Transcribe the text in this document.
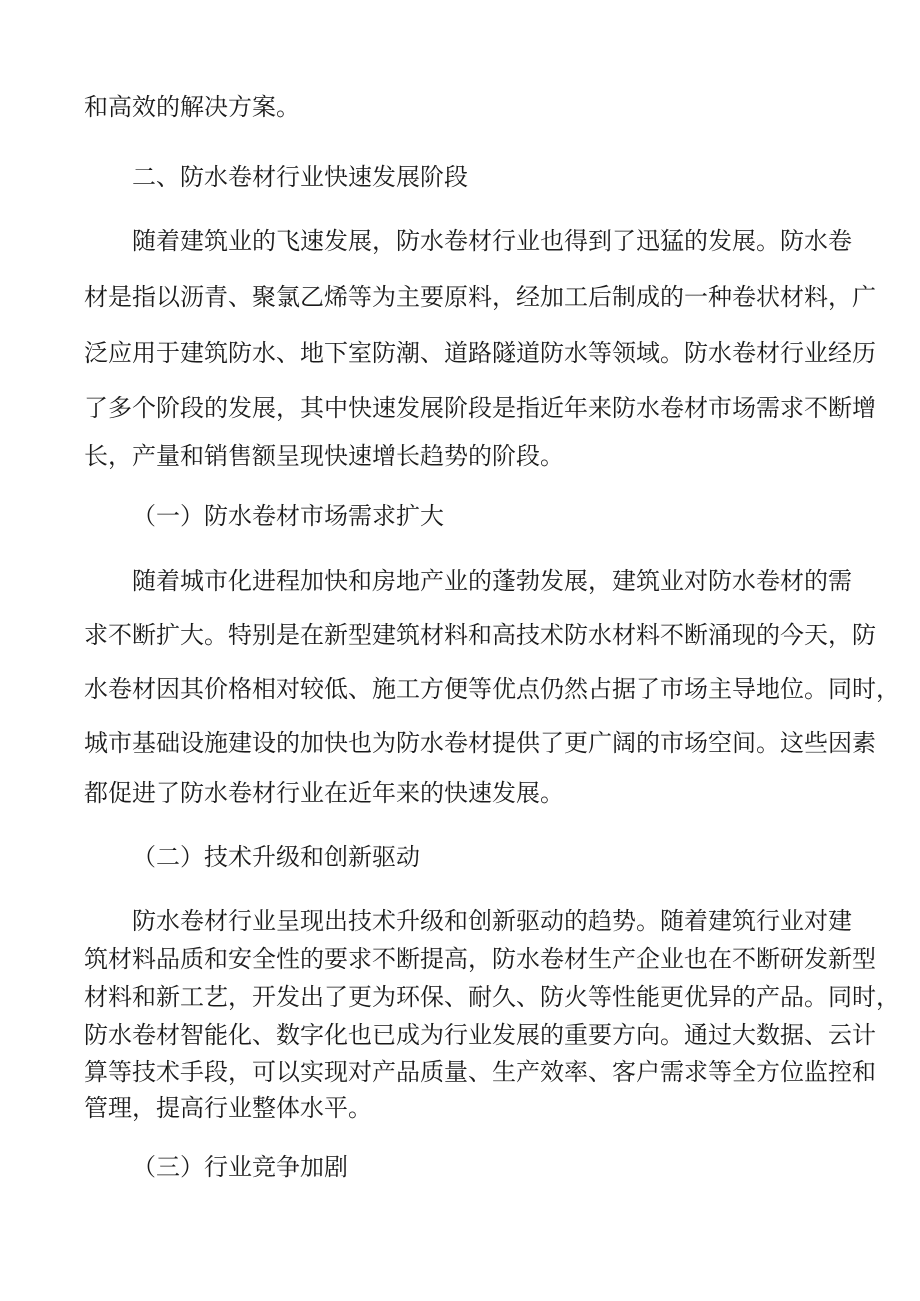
和高效的解决方案。
二、防水卷材行业快速发展阶段
随着建筑业的飞速发展，防水卷材行业也得到了迅猛的发展。防水卷
材是指以沥青、聚氯乙烯等为主要原料，经加工后制成的一种卷状材料，广
泛应用于建筑防水、地下室防潮、道路隧道防水等领域。防水卷材行业经历
了多个阶段的发展，其中快速发展阶段是指近年来防水卷材市场需求不断增
长，产量和销售额呈现快速增长趋势的阶段。
（一）防水卷材市场需求扩大
随着城市化进程加快和房地产业的蓬勃发展，建筑业对防水卷材的需
求不断扩大。特别是在新型建筑材料和高技术防水材料不断涌现的今天，防
水卷材因其价格相对较低、施工方便等优点仍然占据了市场主导地位。同时，
城市基础设施建设的加快也为防水卷材提供了更广阔的市场空间。这些因素
都促进了防水卷材行业在近年来的快速发展。
（二）技术升级和创新驱动
防水卷材行业呈现出技术升级和创新驱动的趋势。随着建筑行业对建
筑材料品质和安全性的要求不断提高，防水卷材生产企业也在不断研发新型
材料和新工艺，开发出了更为环保、耐久、防火等性能更优异的产品。同时，
防水卷材智能化、数字化也已成为行业发展的重要方向。通过大数据、云计
算等技术手段，可以实现对产品质量、生产效率、客户需求等全方位监控和
管理，提高行业整体水平。
（三）行业竞争加剧
